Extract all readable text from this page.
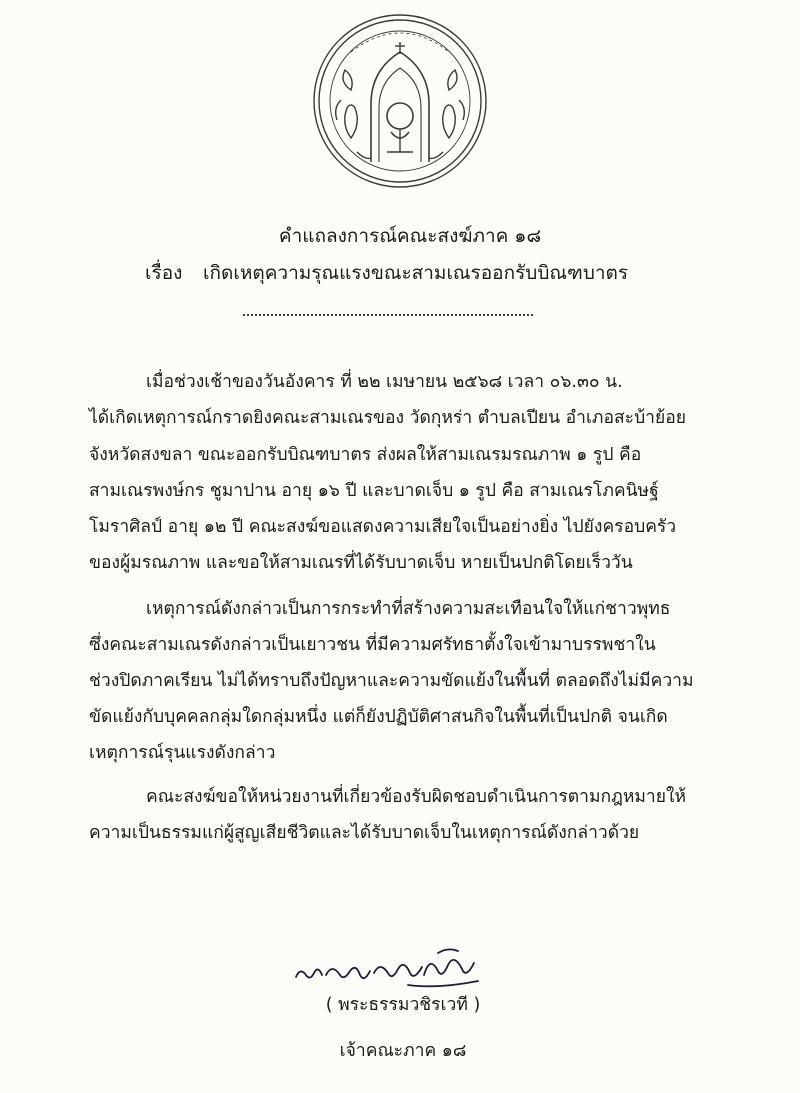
คำแถลงการณ์คณะสงฆ์ภาค ๑๘
เรื่อง เกิดเหตุความรุณแรงขณะสามเณรออกรับบิณฑบาตร
เมื่อช่วงเช้าของวันอังคาร ที่ ๒๒ เมษายน ๒๕๖๘ เวลา ๐๖.๓๐ น.
ได้เกิดเหตุการณ์กราดยิงคณะสามเณรของ วัดกุหร่า ตำบลเปียน อำเภอสะบ้าย้อย
จังหวัดสงขลา ขณะออกรับบิณฑบาตร ส่งผลให้สามเณรมรณภาพ ๑ รูป คือ
สามเณรพงษ์กร ชูมาปาน อายุ ๑๖ ปี และบาดเจ็บ ๑ รูป คือ สามเณรโภคนิษฐ์
โมราศิลป์ อายุ ๑๒ ปี คณะสงฆ์ขอแสดงความเสียใจเป็นอย่างยิ่ง ไปยังครอบครัว
ของผู้มรณภาพ และขอให้สามเณรที่ได้รับบาดเจ็บ หายเป็นปกติโดยเร็ววัน
เหตุการณ์ดังกล่าวเป็นการกระทำที่สร้างความสะเทือนใจให้แก่ชาวพุทธ
ซึ่งคณะสามเณรดังกล่าวเป็นเยาวชน ที่มีความศรัทธาตั้งใจเข้ามาบรรพชาใน
ช่วงปิดภาคเรียน ไม่ได้ทราบถึงปัญหาและความขัดแย้งในพื้นที่ ตลอดถึงไม่มีความ
ขัดแย้งกับบุคคลกลุ่มใดกลุ่มหนึ่ง แต่ก็ยังปฏิบัติศาสนกิจในพื้นที่เป็นปกติ จนเกิด
เหตุการณ์รุนแรงดังกล่าว
คณะสงฆ์ขอให้หน่วยงานที่เกี่ยวข้องรับผิดชอบดำเนินการตามกฎหมายให้
ความเป็นธรรมแก่ผู้สูญเสียชีวิตและได้รับบาดเจ็บในเหตุการณ์ดังกล่าวด้วย
( พระธรรมวชิรเวที )
เจ้าคณะภาค ๑๘
